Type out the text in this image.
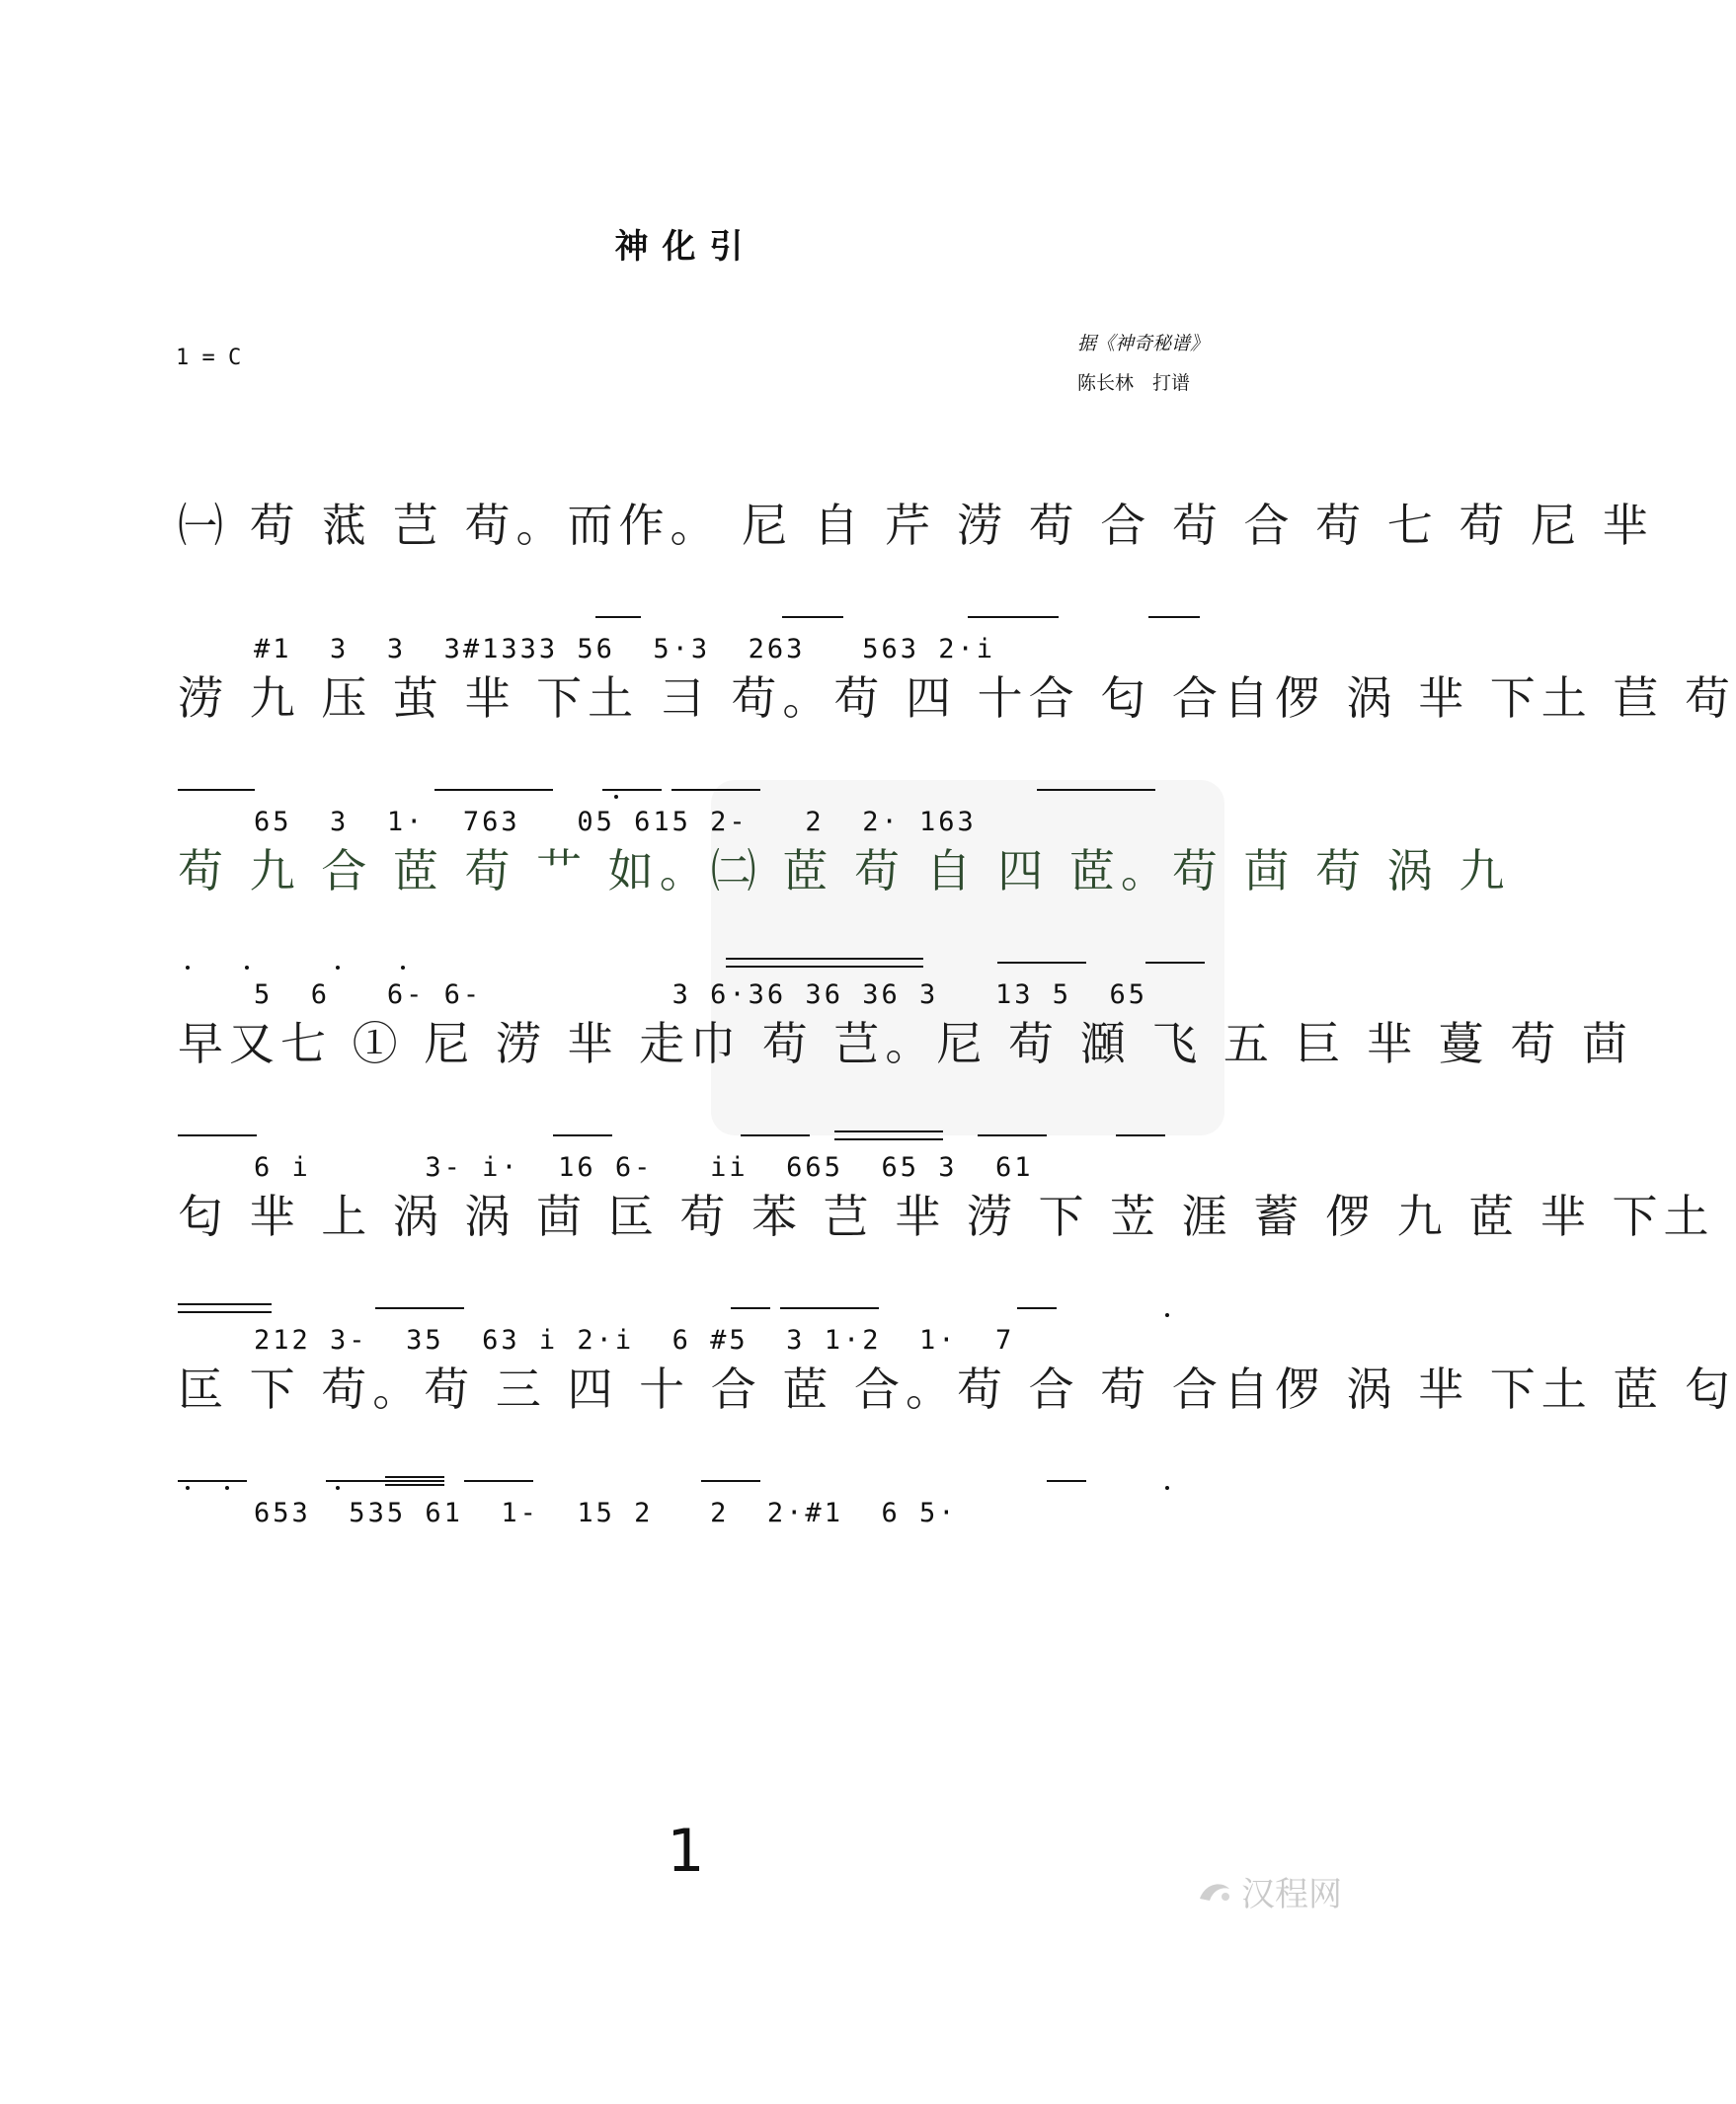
神化引
1 = C
据《神奇秘谱》
陈长林　打谱
㈠ 苟 䓜 芑 苟。而作。 尼 自 芹 涝 苟 合 茍 合 苟 七 苟 尼 芈

#1  3  3  3#1333 56  5·3  263   563 2·i

涝 九 压 茧 芈 下土 彐 苟。苟 四 十合 匂 合自㑩 涡 芈 下土 苣 苟

65  3  1·  763   05 615 2-   2  2· 163

苟 九 合 茝 苟 艹 如。㈡ 茝 苟 自 四 茝。苟 茴 苟 涡 九

5  6   6- 6-          3 6·36 36 36 3   13 5  65

早又七 ① 尼 涝 芈 走巾 苟 芑。尼 苟 㶊 飞 五 巨 芈 蔓 苟 茴

6 i      3- i·  16 6-   ii  665  65 3  61

匂 芈 上 涡 涡 茴 匞 苟 苯 芑 芈 涝 下 苙 涯 蓄 㑩 九 茝 芈 下土

212 3-  35  63 i 2·i  6 #5  3 1·2  1·  7

匞 下 苟。苟 三 四 十 合 茝 合。苟 合 苟 合自㑩 涡 芈 下土 茝 匂

653  535 61  1-  15 2   2  2·#1  6 5·

1
汉程网
